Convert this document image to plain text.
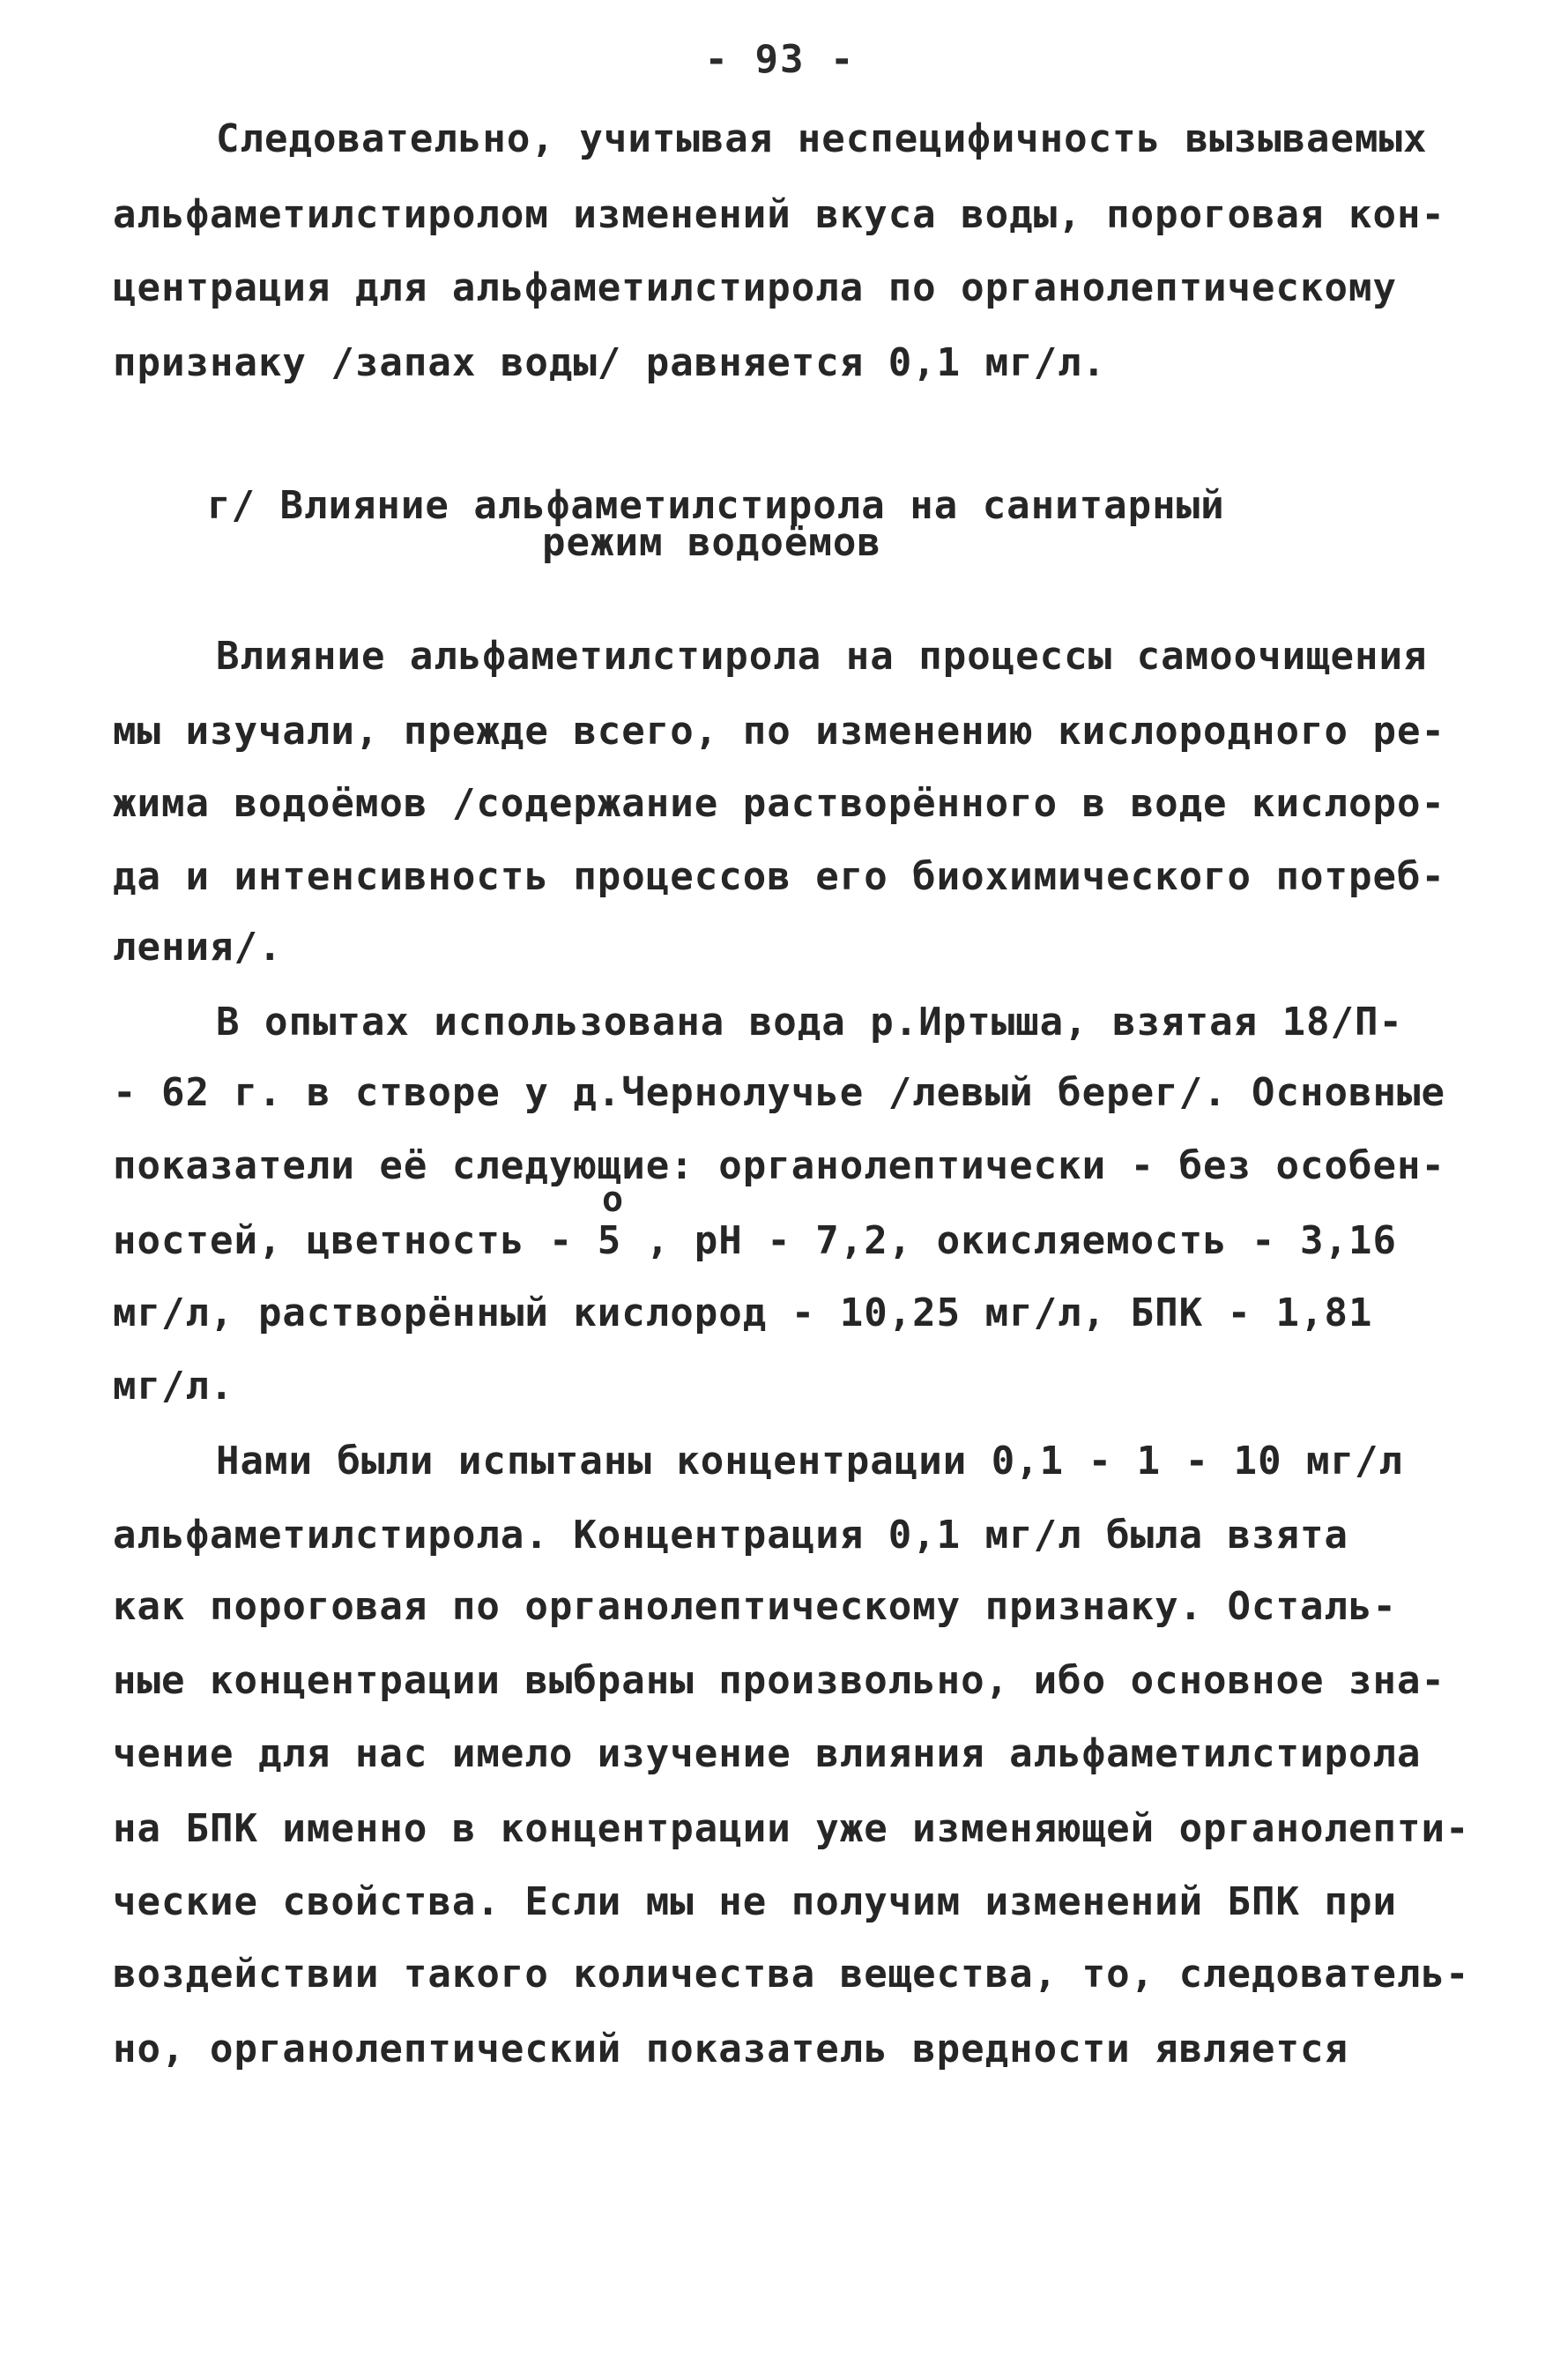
- 93 -
Следовательно, учитывая неспецифичность вызываемых
альфаметилстиролом изменений вкуса воды, пороговая кон-
центрация для альфаметилстирола по органолептическому
признаку /запах воды/ равняется 0,1 мг/л.
г/ Влияние альфаметилстирола на санитарный
режим водоёмов
Влияние альфаметилстирола на процессы самоочищения
мы изучали, прежде всего, по изменению кислородного ре-
жима водоёмов /содержание растворённого в воде кислоро-
да и интенсивность процессов его биохимического потреб-
ления/.
В опытах использована вода р.Иртыша, взятая 18/П-
- 62 г. в створе у д.Чернолучье /левый берег/. Основные
показатели её следующие: органолептически - без особен-
о
ностей, цветность - 5 , рН - 7,2, окисляемость - 3,16
мг/л, растворённый кислород - 10,25 мг/л, БПК - 1,81
мг/л.
Нами были испытаны концентрации 0,1 - 1 - 10 мг/л
альфаметилстирола. Концентрация 0,1 мг/л была взята
как пороговая по органолептическому признаку. Осталь-
ные концентрации выбраны произвольно, ибо основное зна-
чение для нас имело изучение влияния альфаметилстирола
на БПК именно в концентрации уже изменяющей органолепти-
ческие свойства. Если мы не получим изменений БПК при
воздействии такого количества вещества, то, следователь-
но, органолептический показатель вредности является
